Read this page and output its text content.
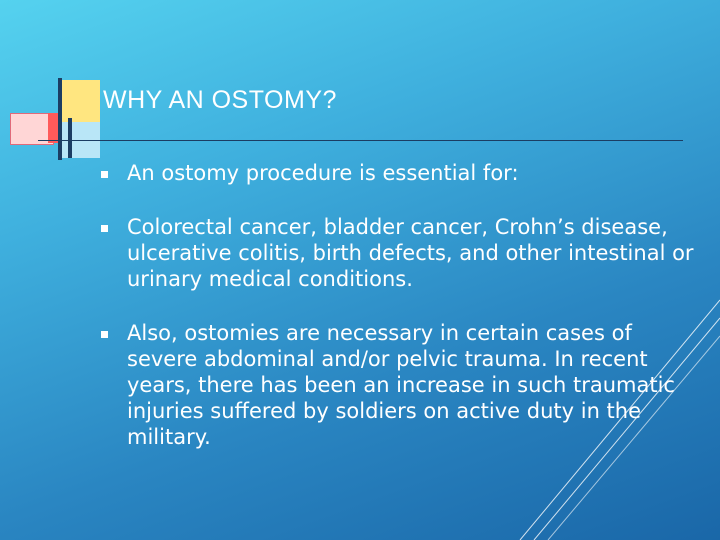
WHY AN OSTOMY?
An ostomy procedure is essential for:
Colorectal cancer, bladder cancer, Crohn’s disease, ulcerative colitis, birth defects, and other intestinal or urinary medical conditions.
Also, ostomies are necessary in certain cases of severe abdominal and/or pelvic trauma. In recent years, there has been an increase in such traumatic injuries suffered by soldiers on active duty in the military.
